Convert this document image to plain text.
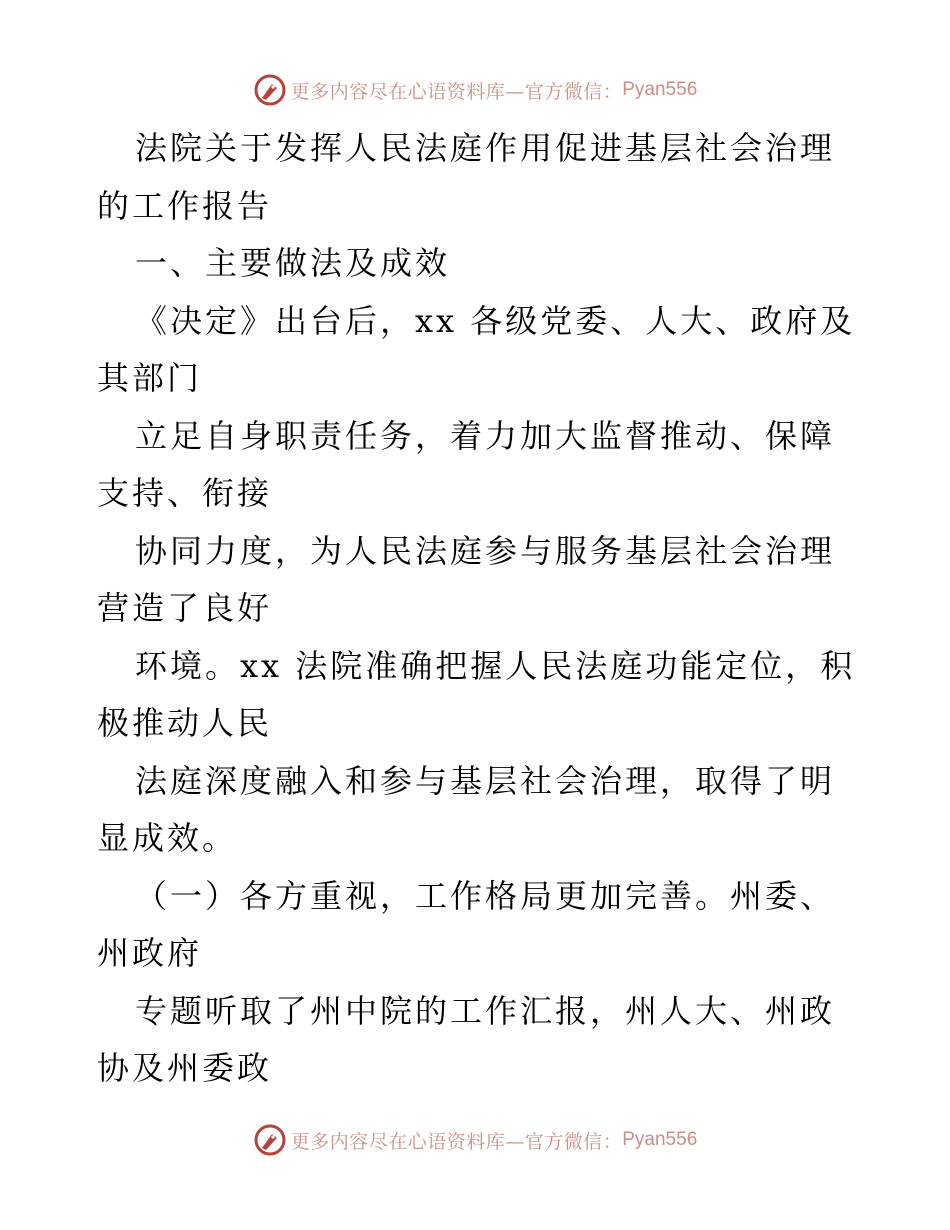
更多内容尽在心语资料库—官方微信： Pyan556

法院关于发挥人民法庭作用促进基层社会治理的工作报告

一、主要做法及成效

《决定》出台后，xx 各级党委、人大、政府及其部门

立足自身职责任务，着力加大监督推动、保障支持、衔接

协同力度，为人民法庭参与服务基层社会治理营造了良好

环境。xx 法院准确把握人民法庭功能定位，积极推动人民

法庭深度融入和参与基层社会治理，取得了明显成效。

（一）各方重视，工作格局更加完善。州委、州政府

专题听取了州中院的工作汇报，州人大、州政协及州委政

更多内容尽在心语资料库—官方微信： Pyan556
